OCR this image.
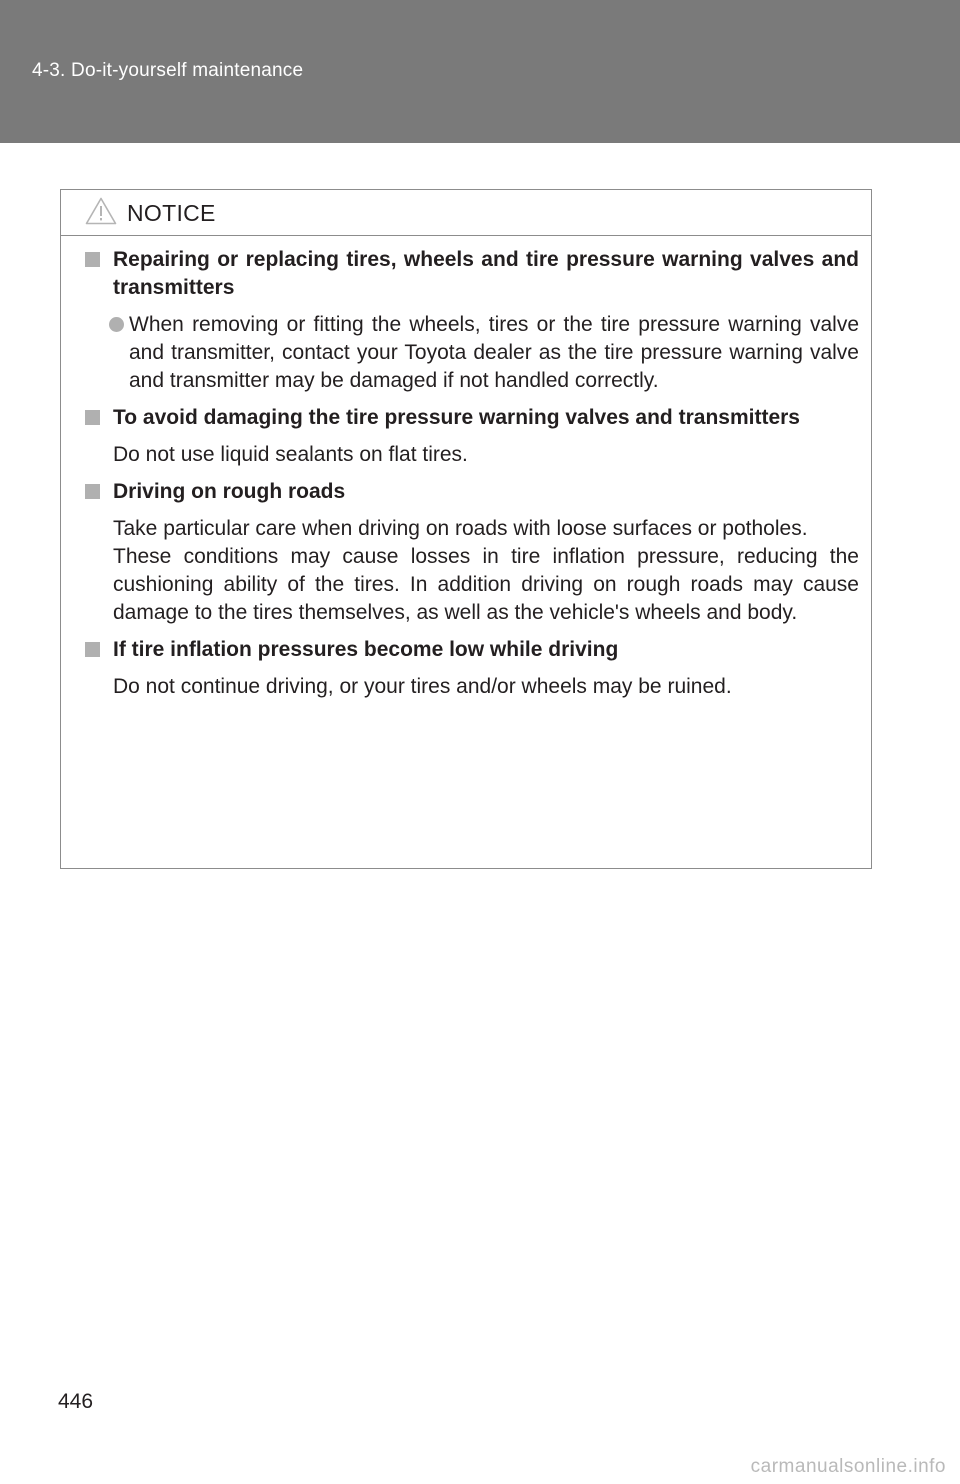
4-3. Do-it-yourself maintenance
NOTICE
Repairing or replacing tires, wheels and tire pressure warning valves and transmitters
When removing or fitting the wheels, tires or the tire pressure warning valve and transmitter, contact your Toyota dealer as the tire pressure warning valve and transmitter may be damaged if not handled correctly.
To avoid damaging the tire pressure warning valves and transmitters
Do not use liquid sealants on flat tires.
Driving on rough roads
Take particular care when driving on roads with loose surfaces or potholes.
These conditions may cause losses in tire inflation pressure, reducing the cushioning ability of the tires. In addition driving on rough roads may cause damage to the tires themselves, as well as the vehicle's wheels and body.
If tire inflation pressures become low while driving
Do not continue driving, or your tires and/or wheels may be ruined.
446
carmanualsonline.info
